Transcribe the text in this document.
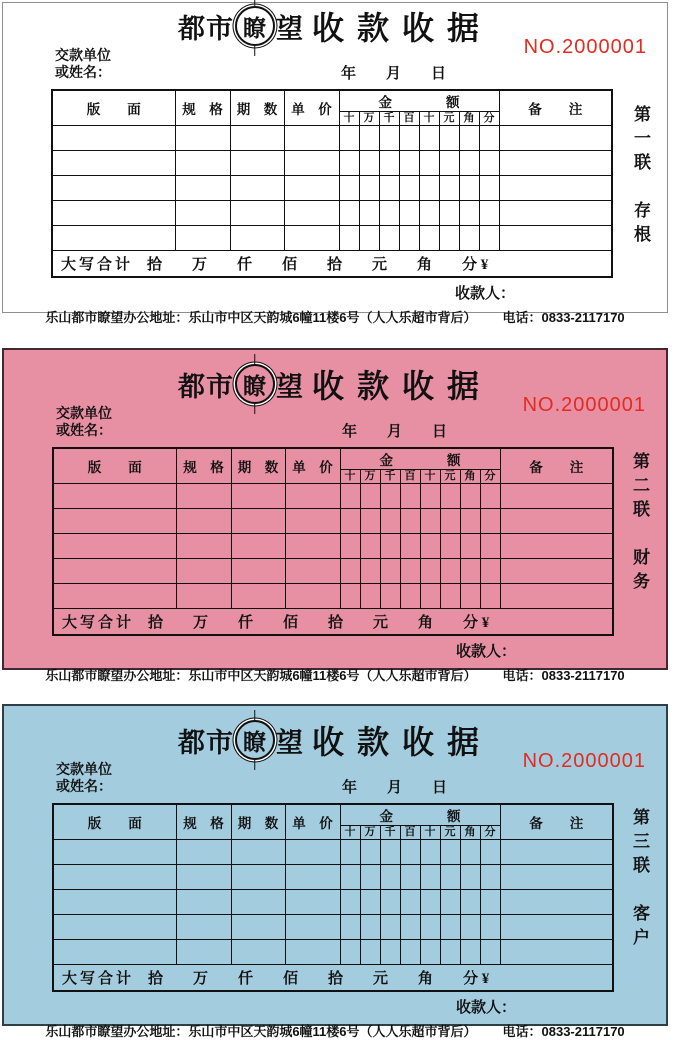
都市 瞭 望 收款收据
NO.2000001
交款单位
或姓名：	年　　月　　日
版　　面	规　格	期　数	单　价	金　　　　额								备　　注
				十	万	千	百	十	元	角	分	

大写合计 拾　　万　　仟　　佰　　拾　　元　　角　　分 ¥												
收款人：
乐山都市瞭望办公地址：乐山市中区天韵城6幢11楼6号（人人乐超市背后） 电话：0833-2117170
第一联　存根
都市 瞭 望 收款收据
NO.2000001
交款单位
或姓名：	年　　月　　日
版　　面	规　格	期　数	单　价	金　　　　额								备　　注
				十	万	千	百	十	元	角	分	

大写合计 拾　　万　　仟　　佰　　拾　　元　　角　　分 ¥												
收款人：
乐山都市瞭望办公地址：乐山市中区天韵城6幢11楼6号（人人乐超市背后） 电话：0833-2117170
第二联　财务
都市 瞭 望 收款收据
NO.2000001
交款单位
或姓名：	年　　月　　日
版　　面	规　格	期　数	单　价	金　　　　额								备　　注
				十	万	千	百	十	元	角	分	

大写合计 拾　　万　　仟　　佰　　拾　　元　　角　　分 ¥												
收款人：
乐山都市瞭望办公地址：乐山市中区天韵城6幢11楼6号（人人乐超市背后） 电话：0833-2117170
第三联　客户
